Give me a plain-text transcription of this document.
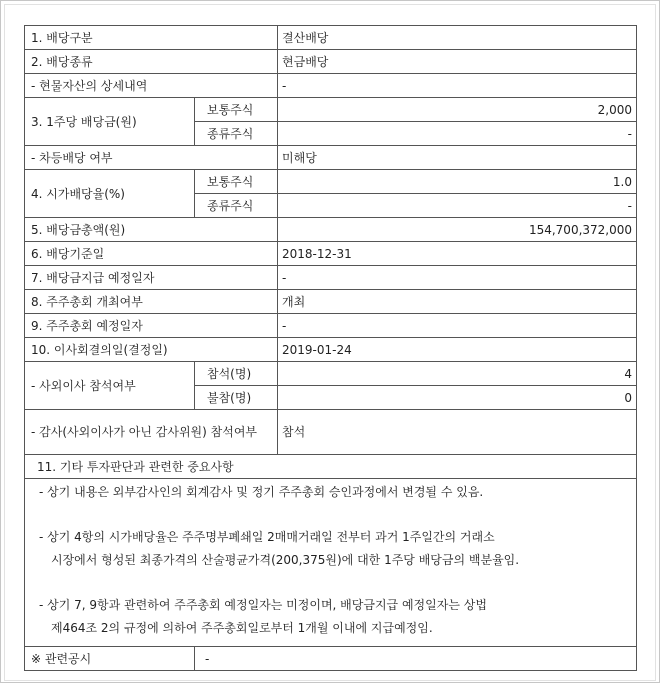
1. 배당구분		결산배당
2. 배당종류		현금배당
- 현물자산의 상세내역		-
3. 1주당 배당금(원)	보통주식	2,000
	종류주식	-
- 차등배당 여부		미해당
4. 시가배당율(%)	보통주식	1.0
	종류주식	-
5. 배당금총액(원)		154,700,372,000
6. 배당기준일		2018-12-31
7. 배당금지급 예정일자		-
8. 주주총회 개최여부		개최
9. 주주총회 예정일자		-
10. 이사회결의일(결정일)		2019-01-24
- 사외이사 참석여부	참석(명)	4
	불참(명)	0
- 감사(사외이사가 아닌 감사위원) 참석여부		참석
11. 기타 투자판단과 관련한 중요사항		

- 상기 내용은 외부감사인의 회계감사 및 정기 주주총회 승인과정에서 변경될 수 있음.

- 상기 4항의 시가배당율은 주주명부폐쇄일 2매매거래일 전부터 과거 1주일간의 거래소
시장에서 형성된 최종가격의 산술평균가격(200,375원)에 대한 1주당 배당금의 백분율임.

- 상기 7, 9항과 관련하여 주주총회 예정일자는 미정이며, 배당금지급 예정일자는 상법
제464조 2의 규정에 의하여 주주총회일로부터 1개월 이내에 지급예정임.		

※ 관련공시	-	
